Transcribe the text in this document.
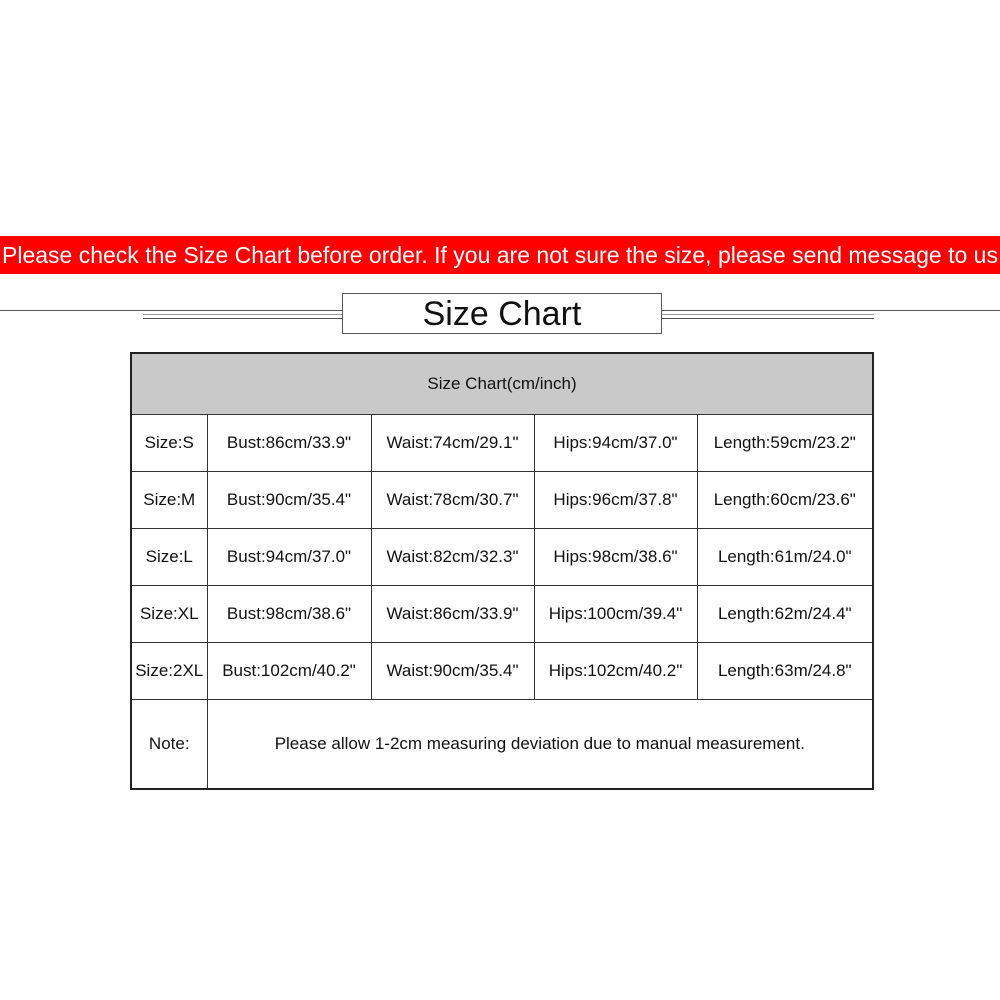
Please check the Size Chart before order. If you are not sure the size, please send message to us
Size Chart
Size Chart(cm/inch)				
Size:S	Bust:86cm/33.9"	Waist:74cm/29.1"	Hips:94cm/37.0"	Length:59cm/23.2"
Size:M	Bust:90cm/35.4"	Waist:78cm/30.7"	Hips:96cm/37.8"	Length:60cm/23.6"
Size:L	Bust:94cm/37.0"	Waist:82cm/32.3"	Hips:98cm/38.6"	Length:61m/24.0"
Size:XL	Bust:98cm/38.6"	Waist:86cm/33.9"	Hips:100cm/39.4"	Length:62m/24.4"
Size:2XL	Bust:102cm/40.2"	Waist:90cm/35.4"	Hips:102cm/40.2"	Length:63m/24.8"
Note:	Please allow 1-2cm measuring deviation due to manual measurement.			
